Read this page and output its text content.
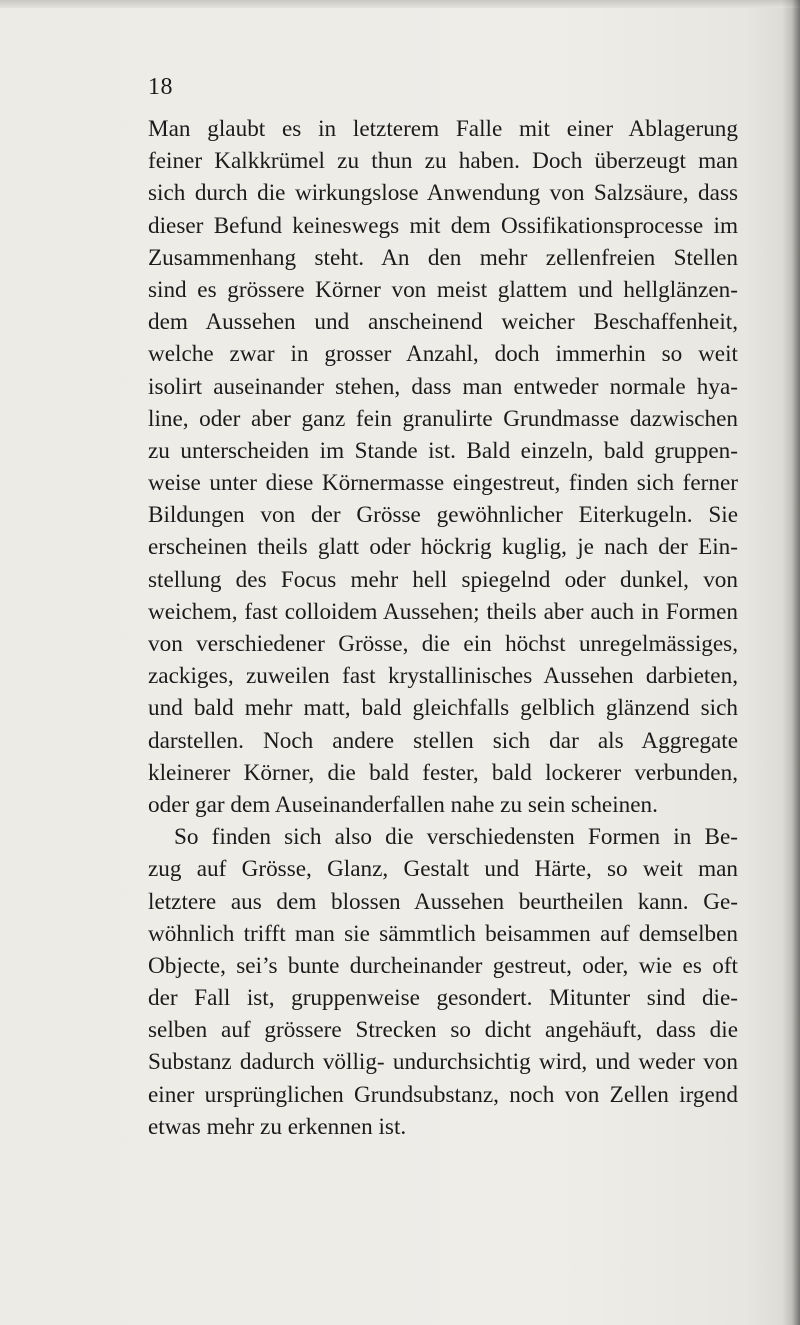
18
Man glaubt es in letzterem Falle mit einer Ablagerung
feiner Kalkkrümel zu thun zu haben. Doch überzeugt man
sich durch die wirkungslose Anwendung von Salzsäure, dass
dieser Befund keineswegs mit dem Ossifikationsprocesse im
Zusammenhang steht. An den mehr zellenfreien Stellen
sind es grössere Körner von meist glattem und hellglänzen-
dem Aussehen und anscheinend weicher Beschaffenheit,
welche zwar in grosser Anzahl, doch immerhin so weit
isolirt auseinander stehen, dass man entweder normale hya-
line, oder aber ganz fein granulirte Grundmasse dazwischen
zu unterscheiden im Stande ist. Bald einzeln, bald gruppen-
weise unter diese Körnermasse eingestreut, finden sich ferner
Bildungen von der Grösse gewöhnlicher Eiterkugeln. Sie
erscheinen theils glatt oder höckrig kuglig, je nach der Ein-
stellung des Focus mehr hell spiegelnd oder dunkel, von
weichem, fast colloidem Aussehen; theils aber auch in Formen
von verschiedener Grösse, die ein höchst unregelmässiges,
zackiges, zuweilen fast krystallinisches Aussehen darbieten,
und bald mehr matt, bald gleichfalls gelblich glänzend sich
darstellen. Noch andere stellen sich dar als Aggregate
kleinerer Körner, die bald fester, bald lockerer verbunden,
oder gar dem Auseinanderfallen nahe zu sein scheinen.
So finden sich also die verschiedensten Formen in Be-
zug auf Grösse, Glanz, Gestalt und Härte, so weit man
letztere aus dem blossen Aussehen beurtheilen kann. Ge-
wöhnlich trifft man sie sämmtlich beisammen auf demselben
Objecte, sei’s bunte durcheinander gestreut, oder, wie es oft
der Fall ist, gruppenweise gesondert. Mitunter sind die-
selben auf grössere Strecken so dicht angehäuft, dass die
Substanz dadurch völlig- undurchsichtig wird, und weder von
einer ursprünglichen Grundsubstanz, noch von Zellen irgend
etwas mehr zu erkennen ist.
